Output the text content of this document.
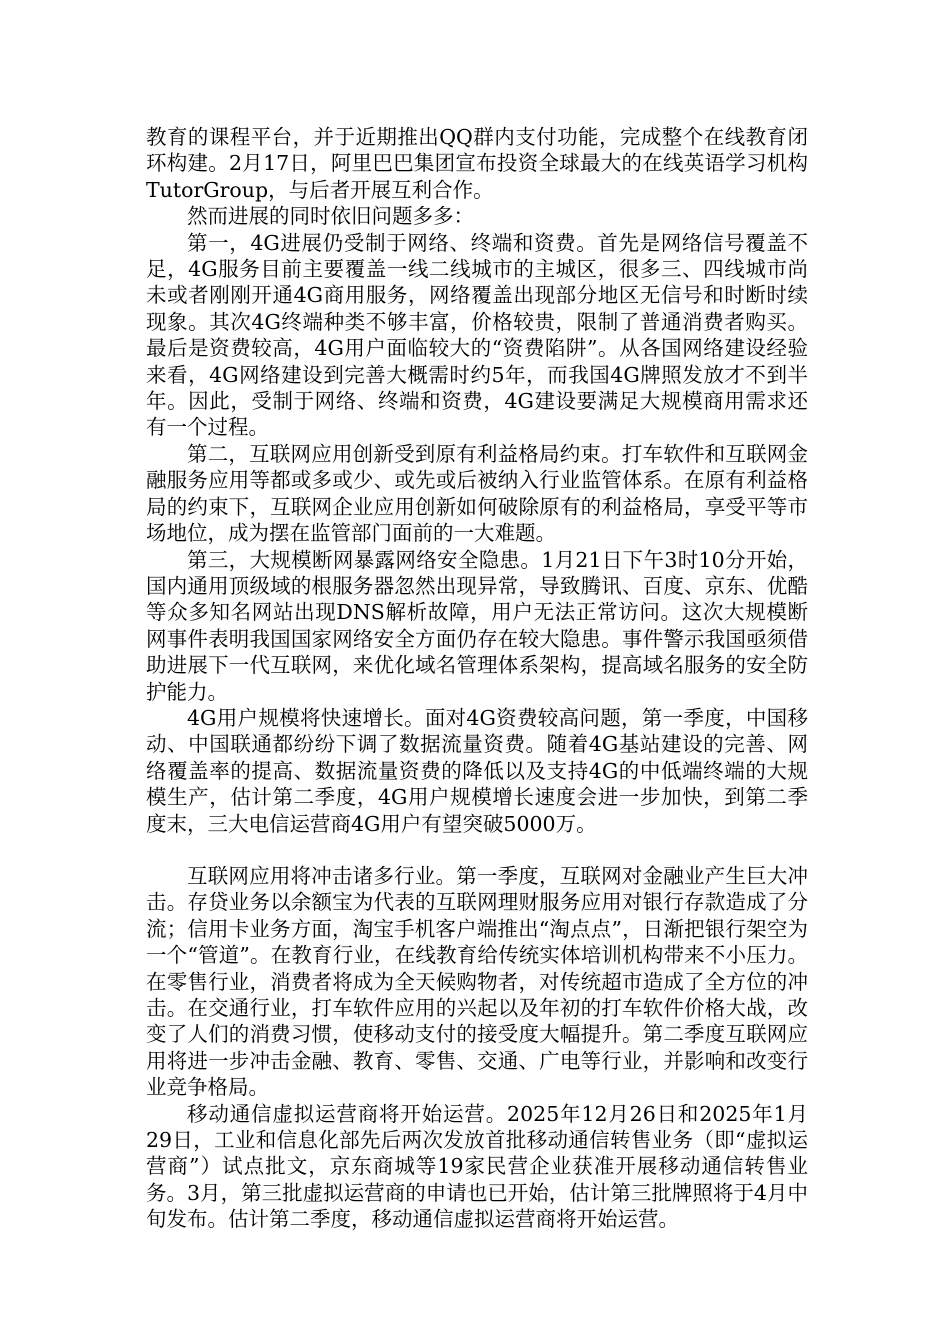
教育的课程平台，并于近期推出QQ群内支付功能，完成整个在线教育闭环构建。2月17日，阿里巴巴集团宣布投资全球最大的在线英语学习机构TutorGroup，与后者开展互利合作。

然而进展的同时依旧问题多多：

第一，4G进展仍受制于网络、终端和资费。首先是网络信号覆盖不足，4G服务目前主要覆盖一线二线城市的主城区，很多三、四线城市尚未或者刚刚开通4G商用服务，网络覆盖出现部分地区无信号和时断时续现象。其次4G终端种类不够丰富，价格较贵，限制了普通消费者购买。最后是资费较高，4G用户面临较大的“资费陷阱”。从各国网络建设经验来看，4G网络建设到完善大概需时约5年，而我国4G牌照发放才不到半年。因此，受制于网络、终端和资费，4G建设要满足大规模商用需求还有一个过程。

第二，互联网应用创新受到原有利益格局约束。打车软件和互联网金融服务应用等都或多或少、或先或后被纳入行业监管体系。在原有利益格局的约束下，互联网企业应用创新如何破除原有的利益格局，享受平等市场地位，成为摆在监管部门面前的一大难题。

第三，大规模断网暴露网络安全隐患。1月21日下午3时10分开始，国内通用顶级域的根服务器忽然出现异常，导致腾讯、百度、京东、优酷等众多知名网站出现DNS解析故障，用户无法正常访问。这次大规模断网事件表明我国国家网络安全方面仍存在较大隐患。事件警示我国亟须借助进展下一代互联网，来优化域名管理体系架构，提高域名服务的安全防护能力。

4G用户规模将快速增长。面对4G资费较高问题，第一季度，中国移动、中国联通都纷纷下调了数据流量资费。随着4G基站建设的完善、网络覆盖率的提高、数据流量资费的降低以及支持4G的中低端终端的大规模生产，估计第二季度，4G用户规模增长速度会进一步加快，到第二季度末，三大电信运营商4G用户有望突破5000万。

互联网应用将冲击诸多行业。第一季度，互联网对金融业产生巨大冲击。存贷业务以余额宝为代表的互联网理财服务应用对银行存款造成了分流；信用卡业务方面，淘宝手机客户端推出“淘点点”，日渐把银行架空为一个“管道”。在教育行业，在线教育给传统实体培训机构带来不小压力。在零售行业，消费者将成为全天候购物者，对传统超市造成了全方位的冲击。在交通行业，打车软件应用的兴起以及年初的打车软件价格大战，改变了人们的消费习惯，使移动支付的接受度大幅提升。第二季度互联网应用将进一步冲击金融、教育、零售、交通、广电等行业，并影响和改变行业竞争格局。

移动通信虚拟运营商将开始运营。2025年12月26日和2025年1月29日，工业和信息化部先后两次发放首批移动通信转售业务（即“虚拟运营商”）试点批文，京东商城等19家民营企业获准开展移动通信转售业务。3月，第三批虚拟运营商的申请也已开始，估计第三批牌照将于4月中旬发布。估计第二季度，移动通信虚拟运营商将开始运营。
